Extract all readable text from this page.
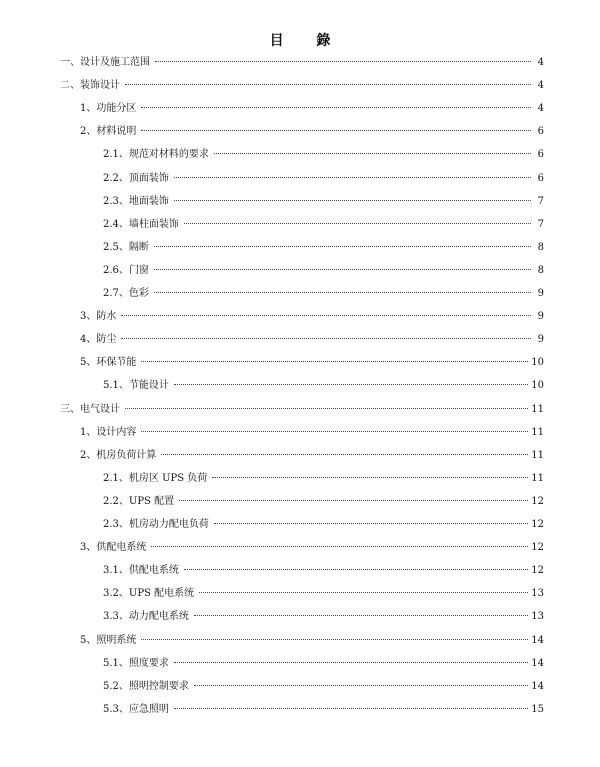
目 錄
一、设计及施工范围	4
二、装饰设计	4
1、功能分区	4
2、材料说明	6
2.1、规范对材料的要求	6
2.2、顶面装饰	6
2.3、地面装饰	7
2.4、墙柱面装饰	7
2.5、隔断	8
2.6、门窗	8
2.7、色彩	9
3、防水	9
4、防尘	9
5、环保节能	10
5.1、节能设计	10
三、电气设计	11
1、设计内容	11
2、机房负荷计算	11
2.1、机房区 UPS 负荷	11
2.2、UPS 配置	12
2.3、机房动力配电负荷	12
3、供配电系统	12
3.1、供配电系统	12
3.2、UPS 配电系统	13
3.3、动力配电系统	13
5、照明系统	14
5.1、照度要求	14
5.2、照明控制要求	14
5.3、应急照明	15
